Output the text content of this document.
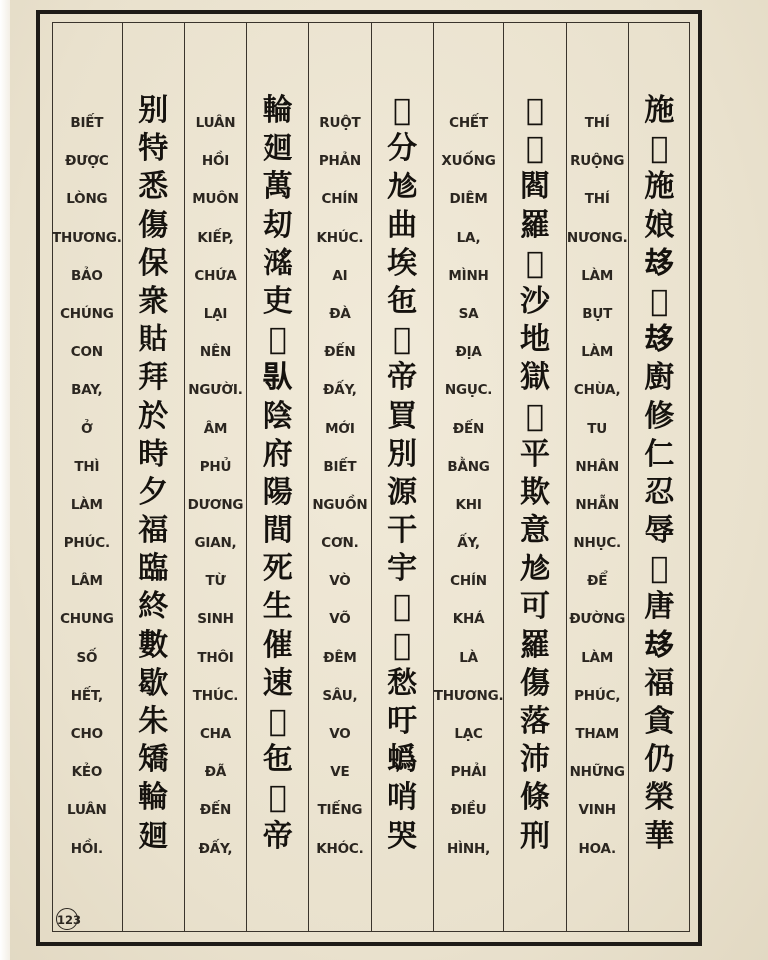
BIẾT
ĐƯỢC
LÒNG
THƯƠNG.
BẢO
CHÚNG
CON
BAY,
Ở
THÌ
LÀM
PHÚC.
LÂM
CHUNG
SỐ
HẾT,
CHO
KẺO
LUÂN
HỒI.
别
特
悉
傷
保
衆
𧵑
拜
於
時
夕
福
臨
終
數
歇
朱
矯
輪
廻
LUÂN
HỒI
MUÔN
KIẾP,
CHỨA
LẠI
NÊN
NGƯỜI.
ÂM
PHỦ
DƯƠNG
GIAN,
TỪ
SINH
THÔI
THÚC.
CHA
ĐÃ
ĐẾN
ĐẤY,
輪
廻
萬
刧
𤁓
吏
𢀭
𠊛
陰
府
陽
間
死
生
催
速
𤤰
㐌
𦤾
帝
RUỘT
PHẢN
CHÍN
KHÚC.
AI
ĐÀ
ĐẾN
ĐẤY,
MỚI
BIẾT
NGUỒN
CƠN.
VÒ
VÕ
ĐÊM
SÂU,
VO
VE
TIẾNG
KHÓC.
𦛌
分
𠃩
曲
埃
㐌
𦤾
帝
買
別
源
干
宇
𡗉
𣊾
愁
吁
蟡
哨
哭
CHẾT
XUỐNG
DIÊM
LA,
MÌNH
SA
ĐỊA
NGỤC.
ĐẾN
BẰNG
KHI
ẤY,
CHÍN
KHÁ
LÀ
THƯƠNG.
LẠC
PHẢI
ĐIỀU
HÌNH,
𣩂
𨕭
閻
羅
𨉟
沙
地
獄
𦤾
平
欺
意
𠃩
可
羅
傷
落
沛
條
刑
THÍ
RUỘNG
THÍ
NƯƠNG.
LÀM
BỤT
LÀM
CHÙA,
TU
NHÂN
NHẪN
NHỤC.
ĐỂ
ĐƯỜNG
LÀM
PHÚC,
THAM
NHỮNG
VINH
HOA.
施
𤳆
施
娘
𠫾
𡉦
𠫾
廚
修
仁
忍
辱
𠤆
唐
𠫾
福
貪
仍
榮
華
123
